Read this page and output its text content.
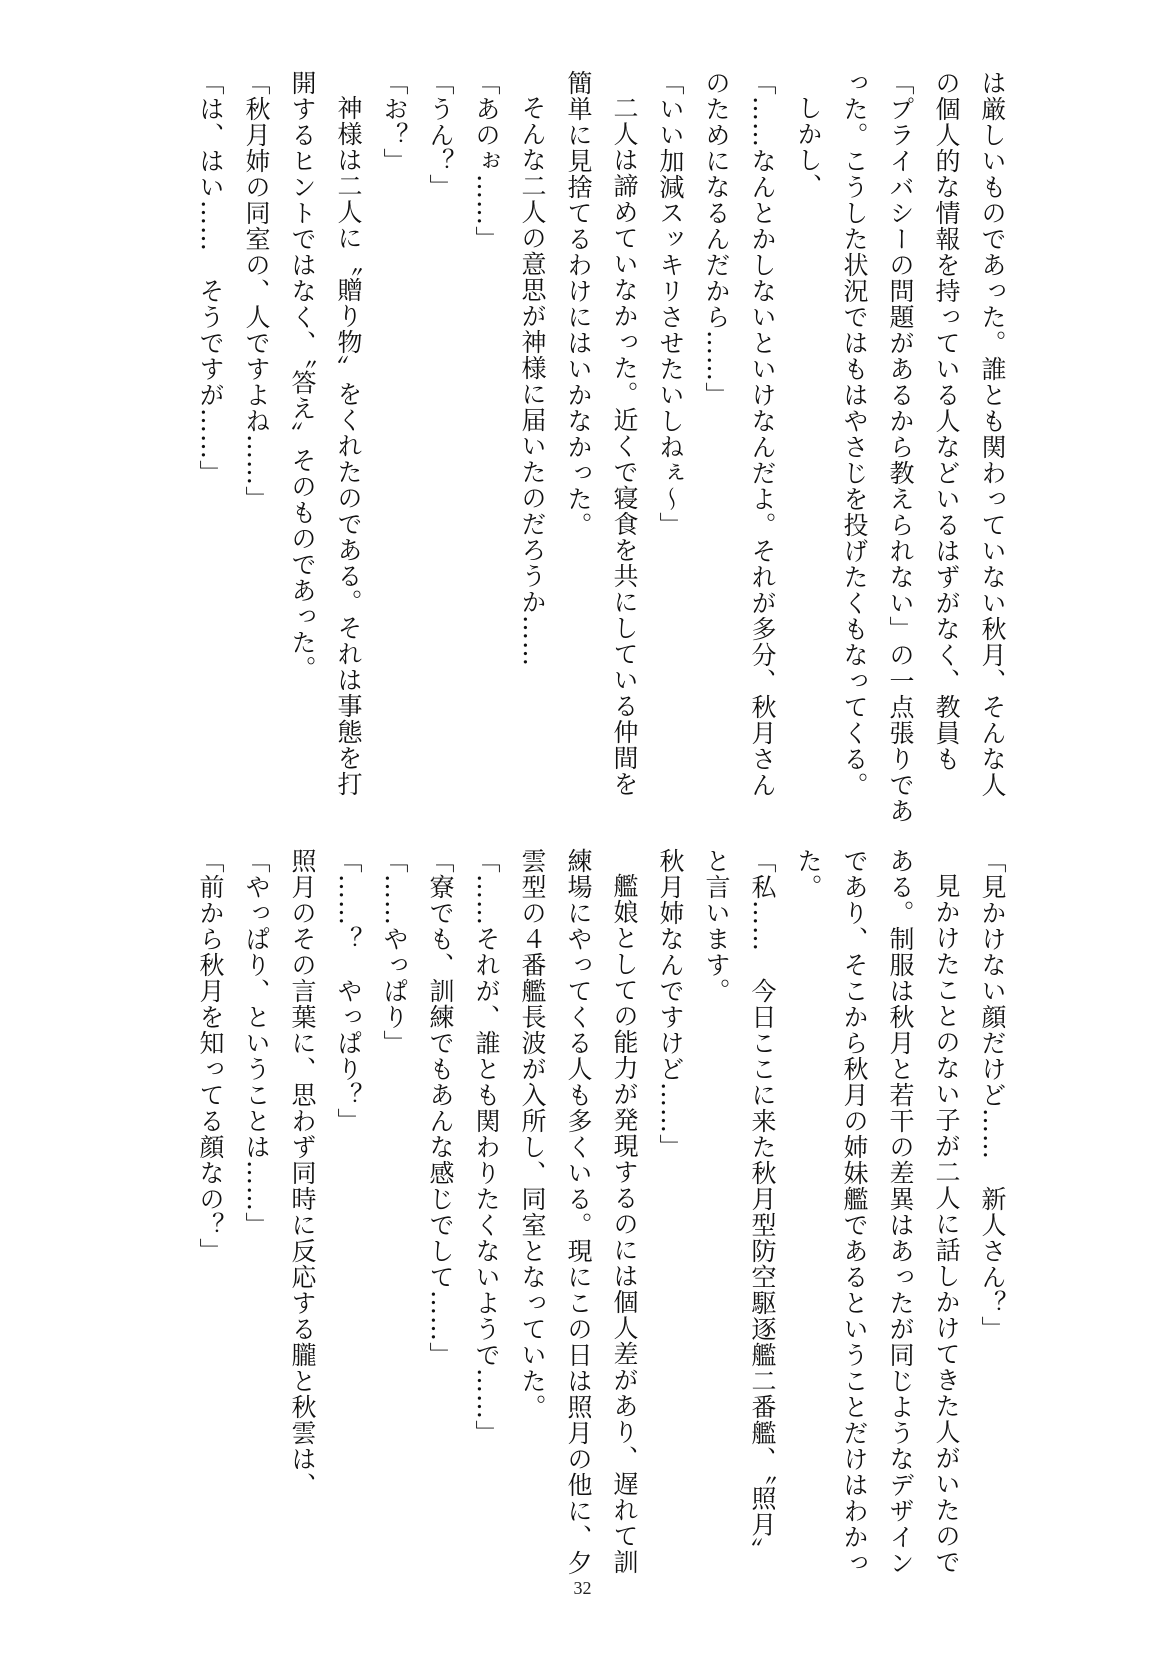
は厳しいものであった。誰とも関わっていない秋月、そんな人

の個人的な情報を持っている人などいるはずがなく、教員も

「プライバシーの問題があるから教えられない」の一点張りであ

った。こうした状況ではもはやさじを投げたくもなってくる。

しかし、

「……なんとかしないといけなんだよ。それが多分、秋月さん

のためになるんだから……」

「いい加減スッキリさせたいしねぇ～」

二人は諦めていなかった。近くで寝食を共にしている仲間を

簡単に見捨てるわけにはいかなかった。

そんな二人の意思が神様に届いたのだろうか……

「あのぉ……」

「うん？」

「お？」

神様は二人に〝贈り物〟をくれたのである。それは事態を打

開するヒントではなく、〝答え〟そのものであった。

「秋月姉の同室の、人ですよね……」

「は、はい……　そうですが……」

「見かけない顔だけど……　新人さん？」

見かけたことのない子が二人に話しかけてきた人がいたので

ある。制服は秋月と若干の差異はあったが同じようなデザイン

であり、そこから秋月の姉妹艦であるということだけはわかっ

た。

「私……　今日ここに来た秋月型防空駆逐艦二番艦、〝照月〟

と言います。

秋月姉なんですけど……」

艦娘としての能力が発現するのには個人差があり、遅れて訓

練場にやってくる人も多くいる。現にこの日は照月の他に、夕

雲型の４番艦長波が入所し、同室となっていた。

「……それが、誰とも関わりたくないようで……」

「寮でも、訓練でもあんな感じでして……」

「……やっぱり」

「……？　やっぱり？」

照月のその言葉に、思わず同時に反応する朧と秋雲は、

「やっぱり、ということは……」

「前から秋月を知ってる顔なの？」

32
